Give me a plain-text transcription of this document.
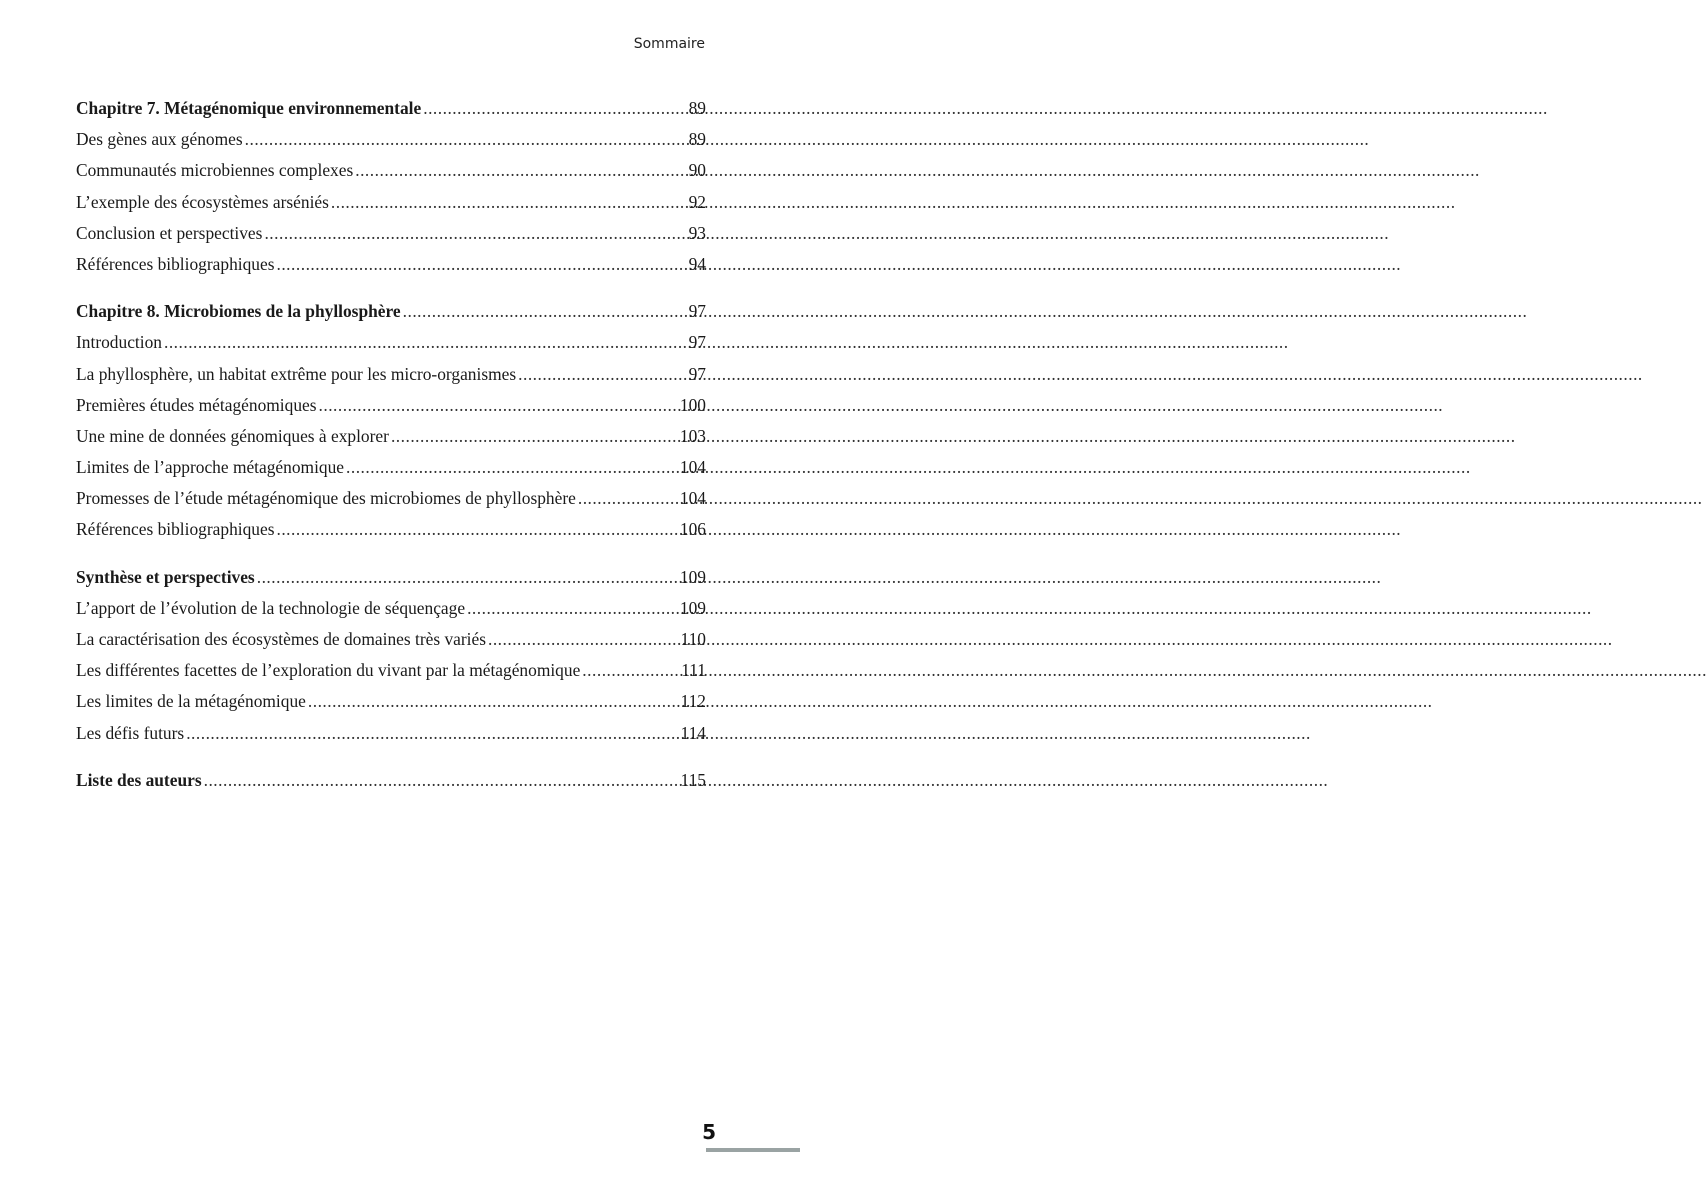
Sommaire
Chapitre 7. Métagénomique environnementale .....	89
Des gènes aux génomes .....	89
Communautés microbiennes complexes .....	90
L’exemple des écosystèmes arséniés .....	92
Conclusion et perspectives .....	93
Références bibliographiques .....	94
Chapitre 8. Microbiomes de la phyllosphère .....	97
Introduction .....	97
La phyllosphère, un habitat extrême pour les micro-organismes .....	97
Premières études métagénomiques .....	100
Une mine de données génomiques à explorer .....	103
Limites de l’approche métagénomique .....	104
Promesses de l’étude métagénomique des microbiomes de phyllosphère .....	104
Références bibliographiques .....	106
Synthèse et perspectives .....	109
L’apport de l’évolution de la technologie de séquençage .....	109
La caractérisation des écosystèmes de domaines très variés .....	110
Les différentes facettes de l’exploration du vivant par la métagénomique .....	111
Les limites de la métagénomique .....	112
Les défis futurs .....	114
Liste des auteurs .....	115
5
